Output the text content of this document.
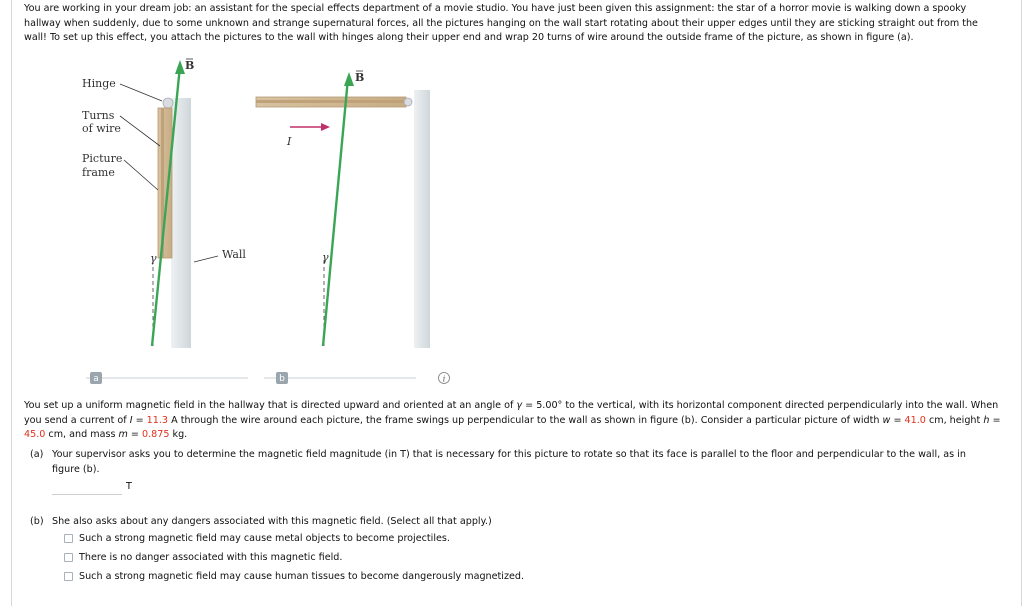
You are working in your dream job: an assistant for the special effects department of a movie studio. You have just been given this assignment: the star of a horror movie is walking down a spooky hallway when suddenly, due to some unknown and strange supernatural forces, all the pictures hanging on the wall start rotating about their upper edges until they are sticking straight out from the wall! To set up this effect, you attach the pictures to the wall with hinges along their upper end and wrap 20 turns of wire around the outside frame of the picture, as shown in figure (a).
Hinge
Turns
of wire
Picture
frame
Wall
I
γ	γ
B
B
a	b	i
You set up a uniform magnetic field in the hallway that is directed upward and oriented at an angle of γ = 5.00° to the vertical, with its horizontal component directed perpendicularly into the wall. When you send a current of I = 11.3 A through the wire around each picture, the frame swings up perpendicular to the wall as shown in figure (b). Consider a particular picture of width w = 41.0 cm, height h = 45.0 cm, and mass m = 0.875 kg.
(a) Your supervisor asks you to determine the magnetic field magnitude (in T) that is necessary for this picture to rotate so that its face is parallel to the floor and perpendicular to the wall, as in figure (b).
T
(b) She also asks about any dangers associated with this magnetic field. (Select all that apply.)
Such a strong magnetic field may cause metal objects to become projectiles.
There is no danger associated with this magnetic field.
Such a strong magnetic field may cause human tissues to become dangerously magnetized.
